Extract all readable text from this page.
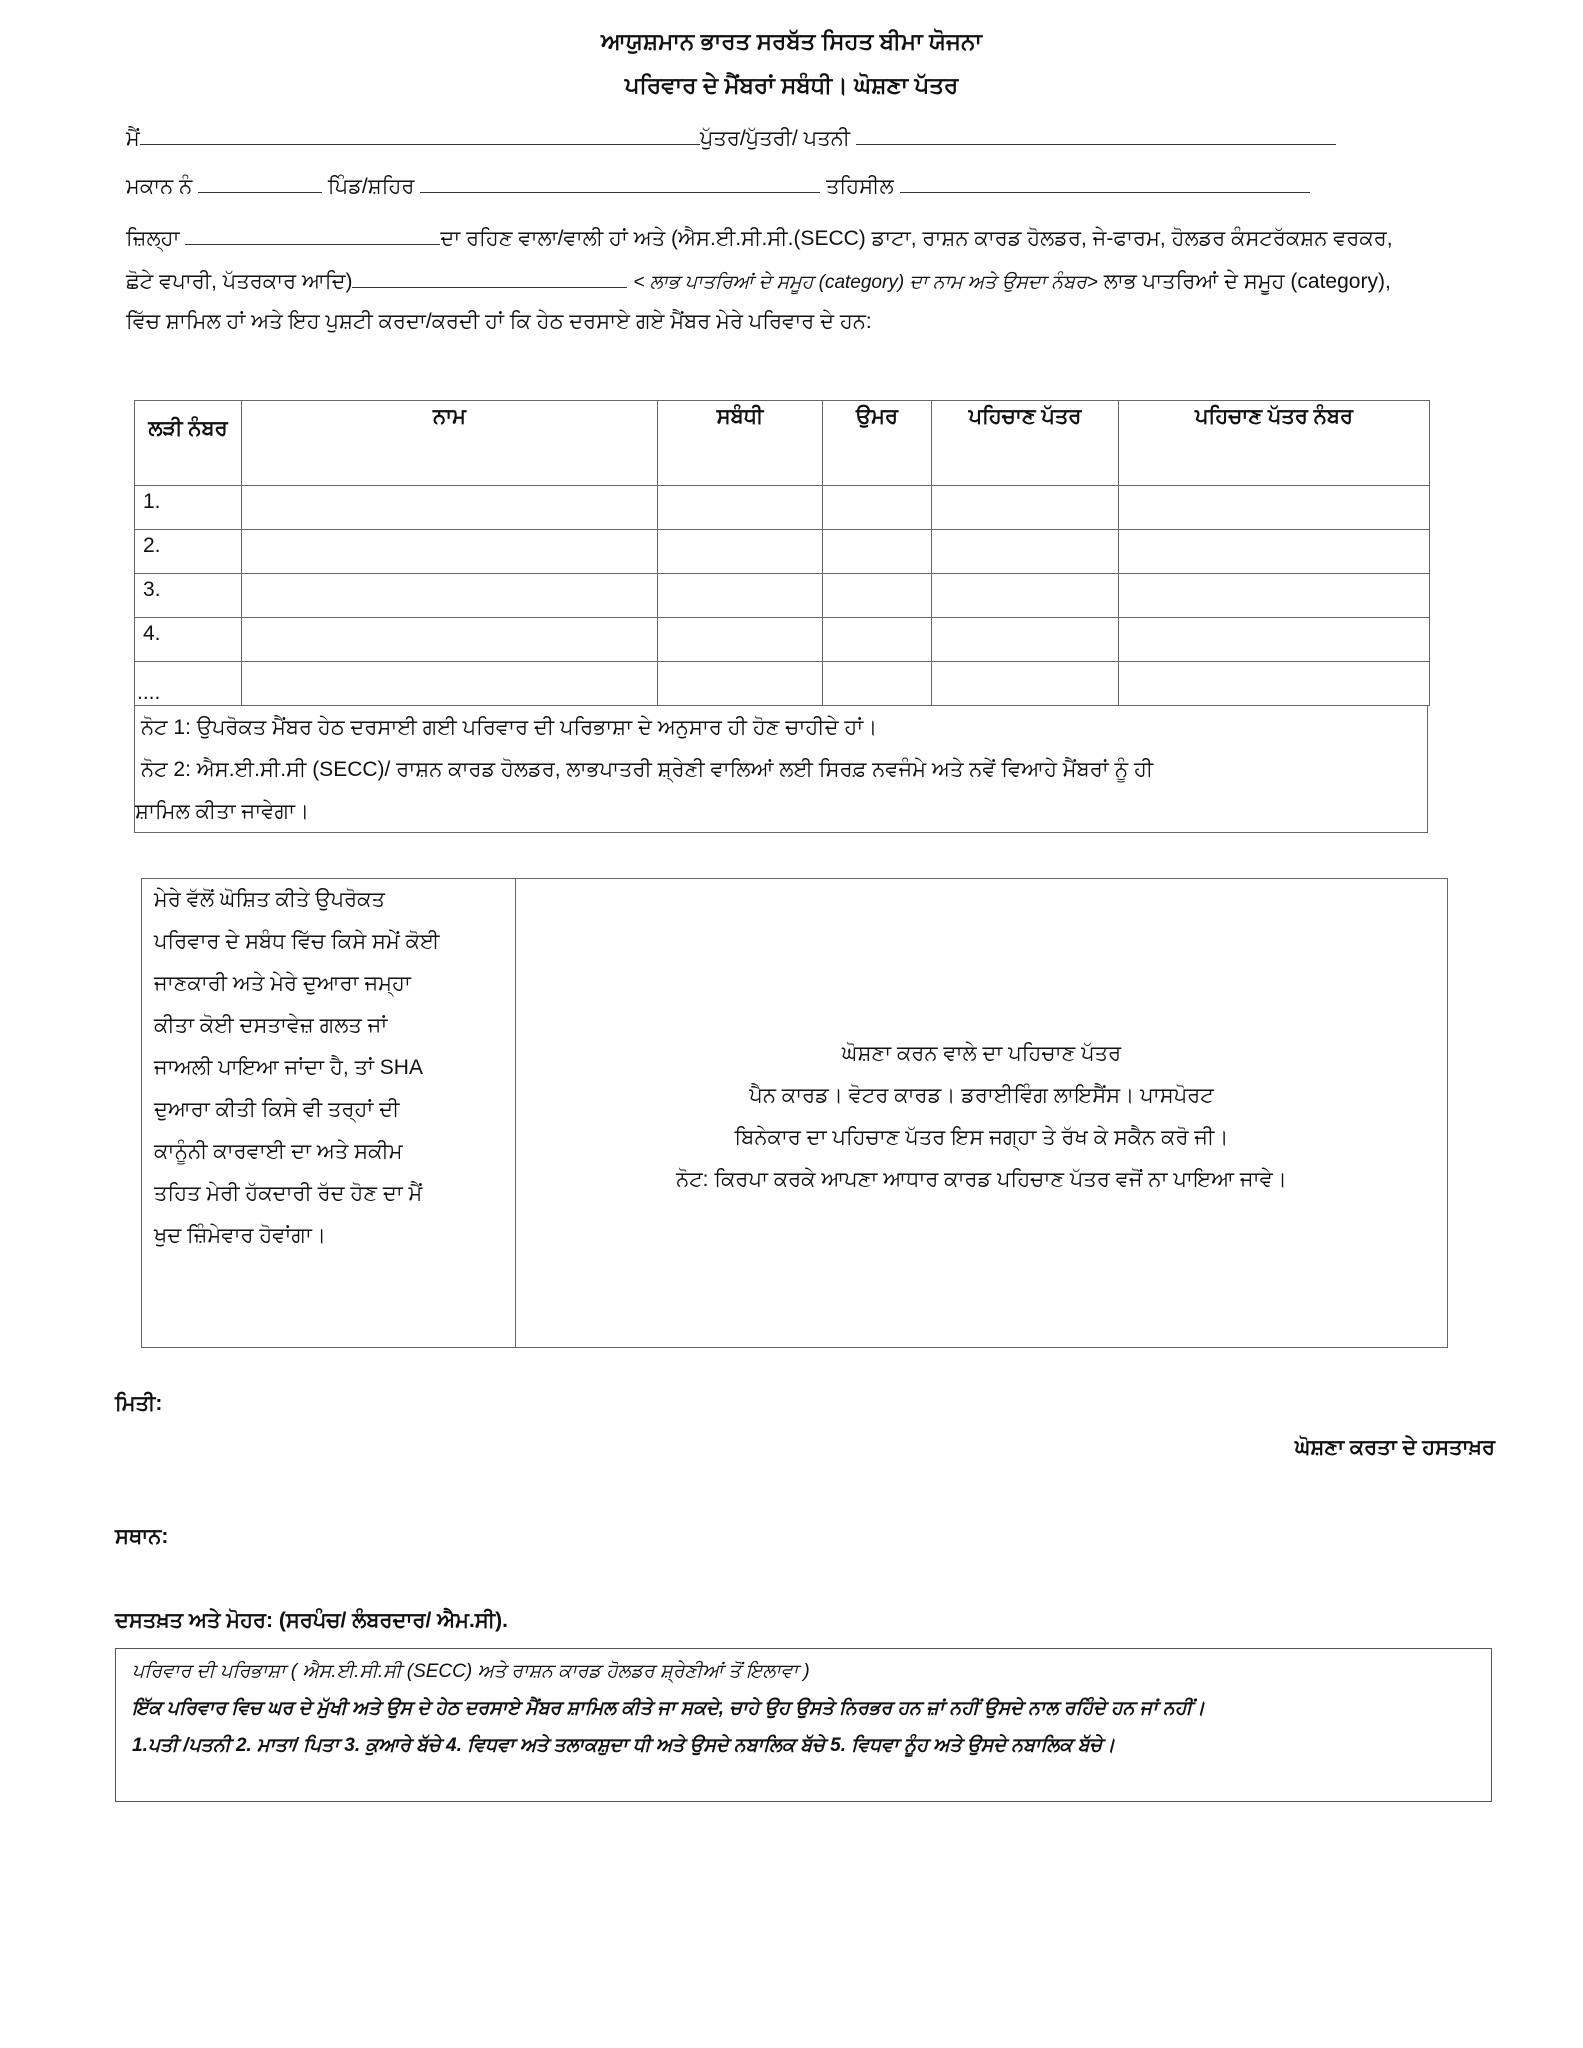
ਆਯੁਸ਼ਮਾਨ ਭਾਰਤ ਸਰਬੱਤ ਸਿਹਤ ਬੀਮਾ ਯੋਜਨਾ
ਪਰਿਵਾਰ ਦੇ ਮੈਂਬਰਾਂ ਸਬੰਧੀ। ਘੋਸ਼ਣਾ ਪੱਤਰ
ਮੈਂ	ਪੁੱਤਰ/ਪੁੱਤਰੀ/ ਪਤਨੀ
ਮਕਾਨ ਨੰ	ਪਿੰਡ/ਸ਼ਹਿਰ	ਤਹਿਸੀਲ
ਜ਼ਿਲ੍ਹਾ	ਦਾ ਰਹਿਣ ਵਾਲਾ/ਵਾਲੀ ਹਾਂ ਅਤੇ (ਐਸ.ਈ.ਸੀ.ਸੀ.(SECC) ਡਾਟਾ, ਰਾਸ਼ਨ ਕਾਰਡ ਹੋਲਡਰ, ਜੇ-ਫਾਰਮ, ਹੋਲਡਰ ਕੰਸਟਰੱਕਸ਼ਨ ਵਰਕਰ,
ਛੋਟੇ ਵਪਾਰੀ, ਪੱਤਰਕਾਰ ਆਦਿ)	< ਲਾਭ ਪਾਤਰਿਆਂ ਦੇ ਸਮੂਹ (category) ਦਾ ਨਾਮ ਅਤੇ ਉਸਦਾ ਨੰਬਰ> ਲਾਭ ਪਾਤਰਿਆਂ ਦੇ ਸਮੂਹ (category),
ਵਿੱਚ ਸ਼ਾਮਿਲ ਹਾਂ ਅਤੇ ਇਹ ਪੁਸ਼ਟੀ ਕਰਦਾ/ਕਰਦੀ ਹਾਂ ਕਿ ਹੇਠ ਦਰਸਾਏ ਗਏ ਮੈਂਬਰ ਮੇਰੇ ਪਰਿਵਾਰ ਦੇ ਹਨ:
ਲੜੀ ਨੰਬਰ	ਨਾਮ	ਸਬੰਧੀ	ਉਮਰ	ਪਹਿਚਾਣ ਪੱਤਰ	ਪਹਿਚਾਣ ਪੱਤਰ ਨੰਬਰ
1.					
2.					
3.					
4.					
....					
ਨੋਟ 1: ਉਪਰੋਕਤ ਮੈਂਬਰ ਹੇਠ ਦਰਸਾਈ ਗਈ ਪਰਿਵਾਰ ਦੀ ਪਰਿਭਾਸ਼ਾ ਦੇ ਅਨੁਸਾਰ ਹੀ ਹੋਣ ਚਾਹੀਦੇ ਹਾਂ।
ਨੋਟ 2: ਐਸ.ਈ.ਸੀ.ਸੀ (SECC)/ ਰਾਸ਼ਨ ਕਾਰਡ ਹੋਲਡਰ, ਲਾਭਪਾਤਰੀ ਸ਼੍ਰੇਣੀ ਵਾਲਿਆਂ ਲਈ ਸਿਰਫ਼ ਨਵਜੰਮੇ ਅਤੇ ਨਵੇਂ ਵਿਆਹੇ ਮੈਂਬਰਾਂ ਨੂੰ ਹੀ
ਸ਼ਾਮਿਲ ਕੀਤਾ ਜਾਵੇਗਾ।
ਮੇਰੇ ਵੱਲੋਂ ਘੋਸ਼ਿਤ ਕੀਤੇ ਉਪਰੋਕਤ
ਪਰਿਵਾਰ ਦੇ ਸਬੰਧ ਵਿੱਚ ਕਿਸੇ ਸਮੇਂ ਕੋਈ
ਜਾਣਕਾਰੀ ਅਤੇ ਮੇਰੇ ਦੁਆਰਾ ਜਮ੍ਹਾ
ਕੀਤਾ ਕੋਈ ਦਸਤਾਵੇਜ਼ ਗਲਤ ਜਾਂ
ਜਾਅਲੀ ਪਾਇਆ ਜਾਂਦਾ ਹੈ, ਤਾਂ SHA
ਦੁਆਰਾ ਕੀਤੀ ਕਿਸੇ ਵੀ ਤਰ੍ਹਾਂ ਦੀ
ਕਾਨੂੰਨੀ ਕਾਰਵਾਈ ਦਾ ਅਤੇ ਸਕੀਮ
ਤਹਿਤ ਮੇਰੀ ਹੱਕਦਾਰੀ ਰੱਦ ਹੋਣ ਦਾ ਮੈਂ
ਖੁਦ ਜ਼ਿੰਮੇਵਾਰ ਹੋਵਾਂਗਾ।
ਘੋਸ਼ਣਾ ਕਰਨ ਵਾਲੇ ਦਾ ਪਹਿਚਾਣ ਪੱਤਰ
ਪੈਨ ਕਾਰਡ। ਵੋਟਰ ਕਾਰਡ। ਡਰਾਈਵਿੰਗ ਲਾਇਸੈਂਸ। ਪਾਸਪੋਰਟ
ਬਿਨੇਕਾਰ ਦਾ ਪਹਿਚਾਣ ਪੱਤਰ ਇਸ ਜਗ੍ਹਾ ਤੇ ਰੱਖ ਕੇ ਸਕੈਨ ਕਰੋ ਜੀ।
ਨੋਟ: ਕਿਰਪਾ ਕਰਕੇ ਆਪਣਾ ਆਧਾਰ ਕਾਰਡ ਪਹਿਚਾਣ ਪੱਤਰ ਵਜੋਂ ਨਾ ਪਾਇਆ ਜਾਵੇ।
ਮਿਤੀ:
ਘੋਸ਼ਣਾ ਕਰਤਾ ਦੇ ਹਸਤਾਖ਼ਰ
ਸਥਾਨ:
ਦਸਤਖ਼ਤ ਅਤੇ ਮੋਹਰ: (ਸਰਪੰਚ/ ਲੰਬਰਦਾਰ/ ਐਮ.ਸੀ).
ਪਰਿਵਾਰ ਦੀ ਪਰਿਭਾਸ਼ਾ ( ਐਸ.ਈ.ਸੀ.ਸੀ (SECC) ਅਤੇ ਰਾਸ਼ਨ ਕਾਰਡ ਹੋਲਡਰ ਸ਼੍ਰੇਣੀਆਂ ਤੋਂ ਇਲਾਵਾ )
ਇੱਕ ਪਰਿਵਾਰ ਵਿਚ ਘਰ ਦੇ ਮੁੱਖੀ ਅਤੇ ਉਸ ਦੇ ਹੇਠ ਦਰਸਾਏ ਮੈਂਬਰ ਸ਼ਾਮਿਲ ਕੀਤੇ ਜਾ ਸਕਦੇ, ਚਾਹੇ ਉਹ ਉਸਤੇ ਨਿਰਭਰ ਹਨ ਜ਼ਾਂ ਨਹੀਂ ਉਸਦੇ ਨਾਲ ਰਹਿੰਦੇ ਹਨ ਜਾਂ ਨਹੀਂ।
1.ਪਤੀ /ਪਤਨੀ 2. ਮਾਤਾ/ ਪਿਤਾ 3. ਕੁਆਰੇ ਬੱਚੇ 4. ਵਿਧਵਾ ਅਤੇ ਤਲਾਕਸ਼ੁਦਾ ਧੀ ਅਤੇ ਉਸਦੇ ਨਬਾਲਿਕ ਬੱਚੇ 5. ਵਿਧਵਾ ਨੂੰਹ ਅਤੇ ਉਸਦੇ ਨਬਾਲਿਕ ਬੱਚੇ।
